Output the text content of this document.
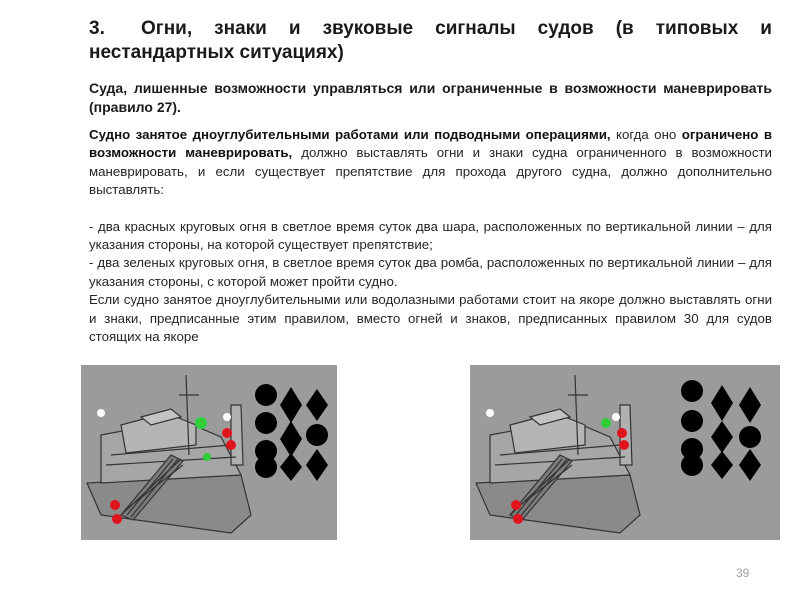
3. Огни, знаки и звуковые сигналы судов (в типовых и нестандартных ситуациях)

Суда, лишенные возможности управляться или ограниченные в возможности маневрировать (правило 27).

Судно занятое дноуглубительными работами или подводными операциями, когда оно ограничено в возможности маневрировать, должно выставлять огни и знаки судна ограниченного в возможности маневрировать, и если существует препятствие для прохода другого судна, должно дополнительно выставлять:

- два красных круговых огня в светлое время суток два шара, расположенных по вертикальной линии – для указания стороны, на которой существует препятствие;

- два зеленых круговых огня, в светлое время суток два ромба, расположенных по вертикальной линии – для указания стороны, с которой может пройти судно.

Если судно занятое дноуглубительными или водолазными работами стоит на якоре должно выставлять огни и знаки, предписанные этим правилом, вместо огней и знаков, предписанных правилом 30 для судов стоящих на якоре

39
